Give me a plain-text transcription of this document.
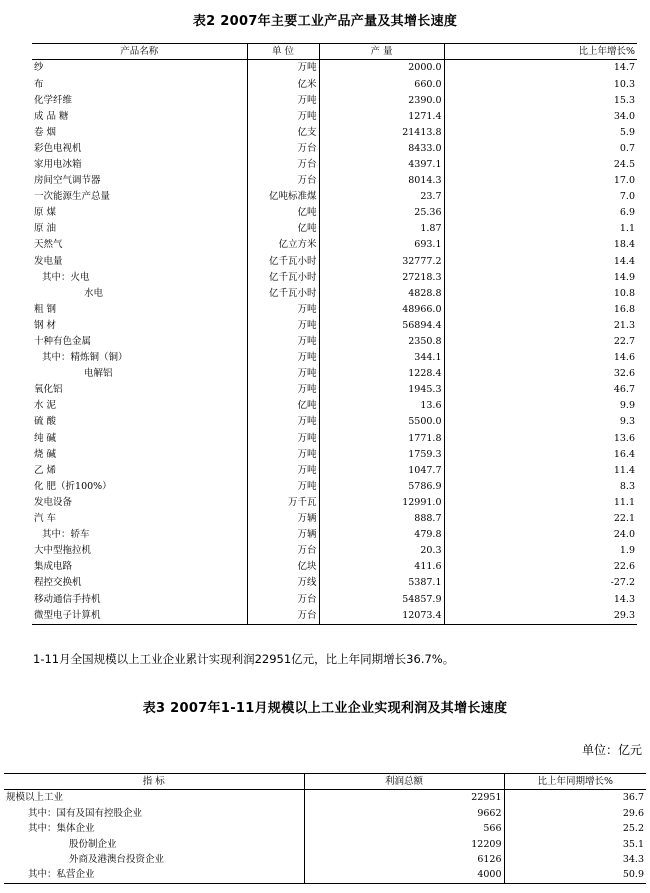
表2 2007年主要工业产品产量及其增长速度
产品名称	单 位	产 量	比上年增长%
纱	万吨	2000.0	14.7
布	亿米	660.0	10.3
化学纤维	万吨	2390.0	15.3
成 品 糖	万吨	1271.4	34.0
卷 烟	亿支	21413.8	5.9
彩色电视机	万台	8433.0	0.7
家用电冰箱	万台	4397.1	24.5
房间空气调节器	万台	8014.3	17.0
一次能源生产总量	亿吨标准煤	23.7	7.0
原 煤	亿吨	25.36	6.9
原 油	亿吨	1.87	1.1
天然气	亿立方米	693.1	18.4
发电量	亿千瓦小时	32777.2	14.4
其中：火电	亿千瓦小时	27218.3	14.9
水电	亿千瓦小时	4828.8	10.8
粗 钢	万吨	48966.0	16.8
钢 材	万吨	56894.4	21.3
十种有色金属	万吨	2350.8	22.7
其中：精炼铜（铜）	万吨	344.1	14.6
电解铝	万吨	1228.4	32.6
氧化铝	万吨	1945.3	46.7
水 泥	亿吨	13.6	9.9
硫 酸	万吨	5500.0	9.3
纯 碱	万吨	1771.8	13.6
烧 碱	万吨	1759.3	16.4
乙 烯	万吨	1047.7	11.4
化 肥（折100%）	万吨	5786.9	8.3
发电设备	万千瓦	12991.0	11.1
汽 车	万辆	888.7	22.1
其中：轿车	万辆	479.8	24.0
大中型拖拉机	万台	20.3	1.9
集成电路	亿块	411.6	22.6
程控交换机	万线	5387.1	-27.2
移动通信手持机	万台	54857.9	14.3
微型电子计算机	万台	12073.4	29.3
1-11月全国规模以上工业企业累计实现利润22951亿元，比上年同期增长36.7%。
表3 2007年1-11月规模以上工业企业实现利润及其增长速度
单位：亿元
指 标	利润总额	比上年同期增长%
规模以上工业	22951	36.7
其中：国有及国有控股企业	9662	29.6
其中：集体企业	566	25.2
股份制企业	12209	35.1
外商及港澳台投资企业	6126	34.3
其中：私营企业	4000	50.9
